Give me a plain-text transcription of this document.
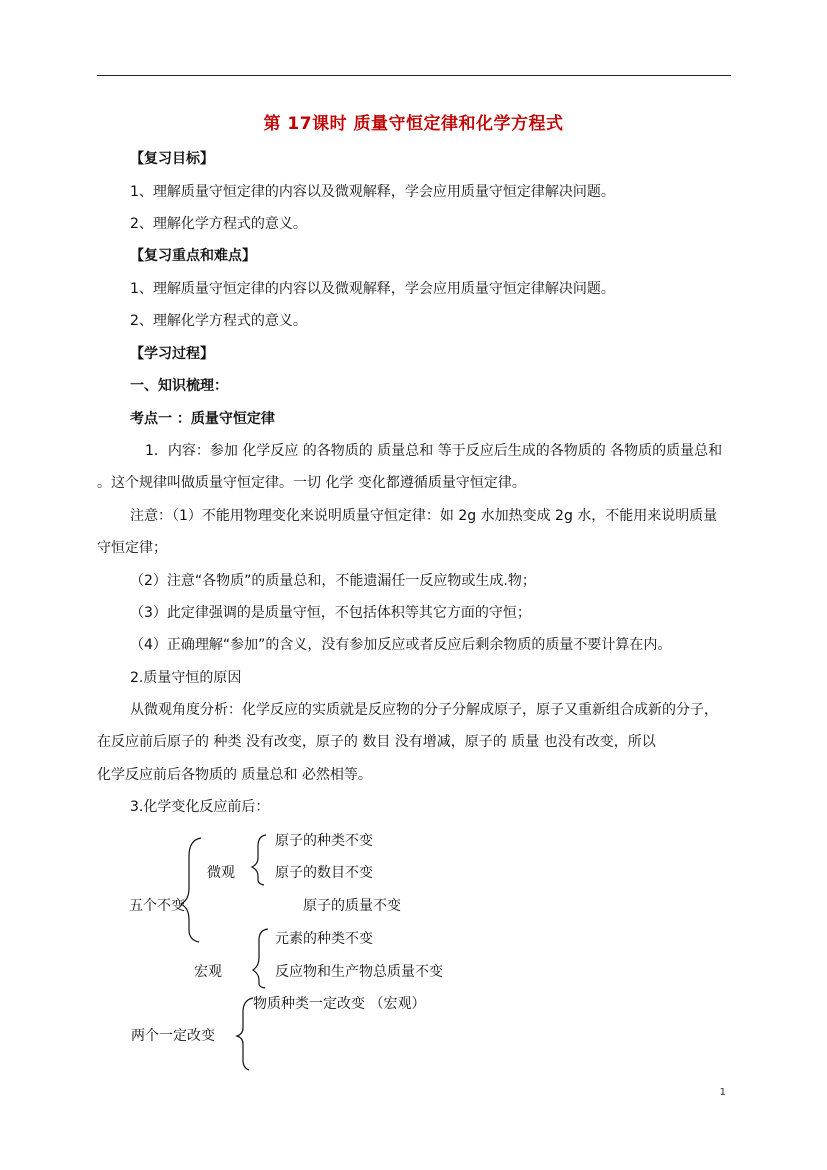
第 17课时 质量守恒定律和化学方程式
【复习目标】
1、理解质量守恒定律的内容以及微观解释，学会应用质量守恒定律解决问题。
2、理解化学方程式的意义。
【复习重点和难点】
1、理解质量守恒定律的内容以及微观解释，学会应用质量守恒定律解决问题。
2、理解化学方程式的意义。
【学习过程】
一、知识梳理：
考点一 ：质量守恒定律
1．内容：参加 化学反应 的各物质的 质量总和 等于反应后生成的各物质的 各物质的质量总和
。这个规律叫做质量守恒定律。一切 化学 变化都遵循质量守恒定律。
注意：（1）不能用物理变化来说明质量守恒定律：如 2g 水加热变成 2g 水，不能用来说明质量
守恒定律；
（2）注意“各物质”的质量总和，不能遗漏任一反应物或生成.物；
（3）此定律强调的是质量守恒，不包括体积等其它方面的守恒；
（4）正确理解“参加”的含义，没有参加反应或者反应后剩余物质的质量不要计算在内。
2.质量守恒的原因
从微观角度分析：化学反应的实质就是反应物的分子分解成原子，原子又重新组合成新的分子，
在反应前后原子的 种类 没有改变，原子的 数目 没有增减，原子的 质量 也没有改变，所以
化学反应前后各物质的 质量总和 必然相等。
3.化学变化反应前后：
五个不变
微观
宏观
原子的种类不变
原子的数目不变
原子的质量不变
元素的种类不变
反应物和生产物总质量不变
两个一定改变
物质种类一定改变 （宏观）
1
